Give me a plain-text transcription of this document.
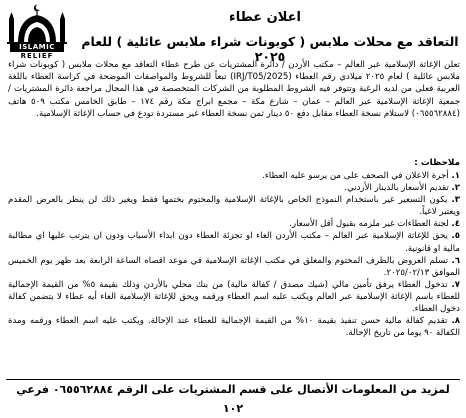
ISLAMIC
RELIEF
اعلان عطاء
التعاقد مع محلات ملابس ( كوبونات شراء ملابس عائلية ) للعام ٢٠٢٥

تعلن الإغاثة الإسلامية عبر العالم – مكتب الأردن / دائرة المشتريات عن طرح عطاء التعاقد مع محلات ملابس ( كوبونات شراء ملابس عائلية ) لعام ٢٠٢٥ ميلادي رقم العطاء (IRJ/T05/2025) تبعاً للشروط والمواصفات الموضحة في كراسة العطاء باللغة العربية فعلى من لديه الرغبة وتتوفر فيه الشروط المطلوبة من الشركات المتخصصة في هذا المجال مراجعة دائرة المشتريات / جمعية الإغاثة الإسلامية عبر العالم – عمان – شارع مكة – مجمع ابراج مكة رقم ١٧٤ – طابق الخامس مكتب ٥٠٩ هاتف (٠٦٥٥٦٢٨٨٤) لاستلام نسخة العطاء مقابل دفع ٥٠ دينار ثمن نسخة العطاء غير مستردة تودع في حساب الإغاثة الإسلامية.

ملاحظات :

١. أجرة الاعلان في الصحف على من يرسو عليه العطاء.

٢. تقديم الأسعار بالدينار الأردني.

٣. يكون التسعير غير باستخدام النموذج الخاص بالإغاثة الإسلامية والمختوم بختمها فقط ويغير ذلك لن ينظر بالعرض المقدم ويعتبر لاغياً.

٤. لجنة العطاءات غير ملزمه بقبول أقل الأسعار.

٥. يحق للإغاثة الإسلامية عبر العالم – مكتب الأردن الغاء او تجزئة العطاء دون ابداء الأسباب ودون ان يترتب عليها اي مطالبة مالية او قانونية.

٦. تسلم العروض بالظرف المختوم والمغلق في مكتب الإغاثة الإسلامية في موعد اقصاه الساعة الرابعة بعد ظهر يوم الخميس الموافق ٢٠٢٥/٠٢/١٣.

٧. تدخول العطاء يرفق تأمين مالي (شيك مصدق / كفالة مالية) من بنك محلي بالأردن وذلك بقيمة ٥% من القيمة الإجمالية للعطاء باسم الإغاثة الإسلامية عبر العالم ويكتب عليه اسم العطاء ورقمه ويحق للإغاثة الإسلامية الغاء أيه عطاء لا يتضمن كفالة دخول العطاء.

٨. تقديم كفالة مالية حسن تنفيذ بقيمة ١٠% من القيمة الإجمالية للعطاء عند الإحالة. ويكتب عليه اسم العطاء ورقمه ومدة الكفالة ٩٠ يوما من تاريخ الإحالة.

لمزيد من المعلومات الأتصال على قسم المشتريات على الرقم ٠٦٥٥٦٢٨٨٤ فرعي ١٠٢
